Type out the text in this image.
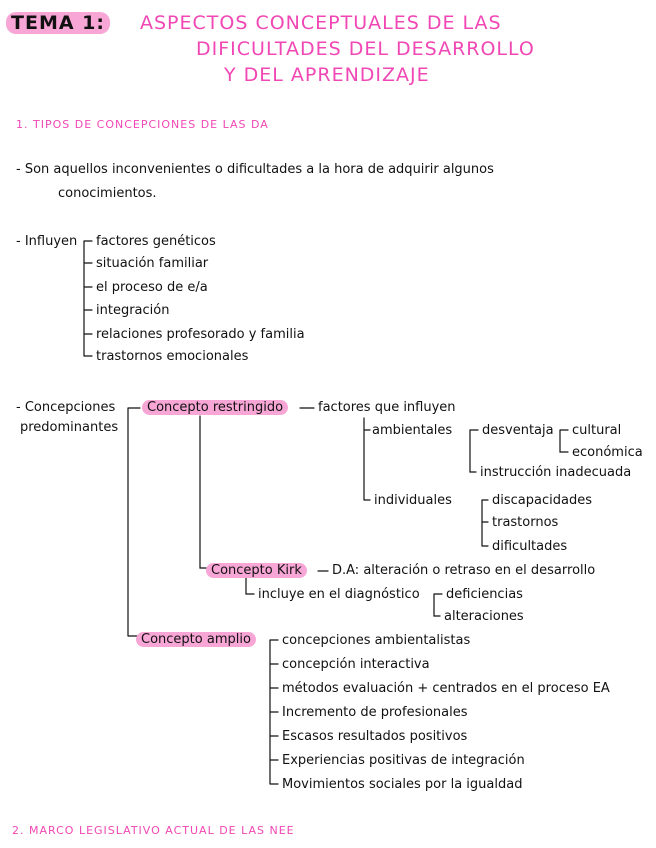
TEMA 1: ASPECTOS CONCEPTUALES DE LAS
DIFICULTADES DEL DESARROLLO
Y DEL APRENDIZAJE
1. TIPOS DE CONCEPCIONES DE LAS DA
- Son aquellos inconvenientes o dificultades a la hora de adquirir algunos
conocimientos.
- Influyen factores genéticos
situación familiar
el proceso de e/a
integración
relaciones profesorado y familia
trastornos emocionales
- Concepciones
predominantes
Concepto restringido	factores que influyen
ambientales desventaja cultural
económica
instrucción inadecuada
individuales	discapacidades
trastornos
dificultades
Concepto Kirk	D.A: alteración o retraso en el desarrollo
incluye en el diagnóstico deficiencias
alteraciones
Concepto amplio	concepciones ambientalistas
concepción interactiva
métodos evaluación + centrados en el proceso EA
Incremento de profesionales
Escasos resultados positivos
Experiencias positivas de integración
Movimientos sociales por la igualdad
2. MARCO LEGISLATIVO ACTUAL DE LAS NEE
